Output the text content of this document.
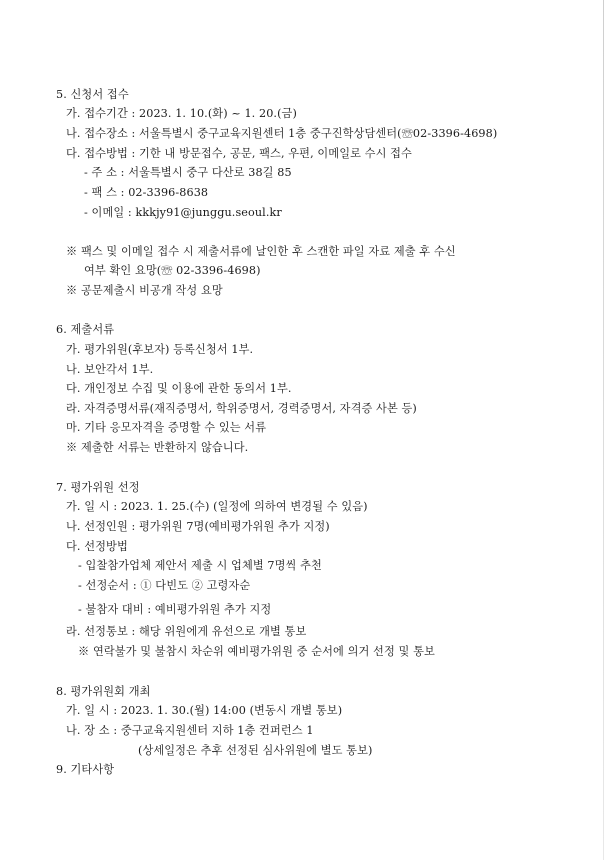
5. 신청서 접수
가. 접수기간 : 2023. 1. 10.(화) ~ 1. 20.(금)
나. 접수장소 : 서울특별시 중구교육지원센터 1층 중구진학상담센터(☏02-3396-4698)
다. 접수방법 : 기한 내 방문접수, 공문, 팩스, 우편, 이메일로 수시 접수
- 주 소 : 서울특별시 중구 다산로 38길 85
- 팩 스 : 02-3396-8638
- 이메일 : kkkjy91@junggu.seoul.kr
※ 팩스 및 이메일 접수 시 제출서류에 날인한 후 스캔한 파일 자료 제출 후 수신
여부 확인 요망(☏ 02-3396-4698)
※ 공문제출시 비공개 작성 요망
6. 제출서류
가. 평가위원(후보자) 등록신청서 1부.
나. 보안각서 1부.
다. 개인정보 수집 및 이용에 관한 동의서 1부.
라. 자격증명서류(재직증명서, 학위증명서, 경력증명서, 자격증 사본 등)
마. 기타 응모자격을 증명할 수 있는 서류
※ 제출한 서류는 반환하지 않습니다.
7. 평가위원 선정
가. 일 시 : 2023. 1. 25.(수) (일정에 의하여 변경될 수 있음)
나. 선정인원 : 평가위원 7명(예비평가위원 추가 지정)
다. 선정방법
- 입찰참가업체 제안서 제출 시 업체별 7명씩 추천
- 선정순서 : ① 다빈도 ② 고령자순
- 불참자 대비 : 예비평가위원 추가 지정
라. 선정통보 : 해당 위원에게 유선으로 개별 통보
※ 연락불가 및 불참시 차순위 예비평가위원 중 순서에 의거 선정 및 통보
8. 평가위원회 개최
가. 일 시 : 2023. 1. 30.(월) 14:00 (변동시 개별 통보)
나. 장 소 : 중구교육지원센터 지하 1층 컨퍼런스 1
(상세일정은 추후 선정된 심사위원에 별도 통보)
9. 기타사항
